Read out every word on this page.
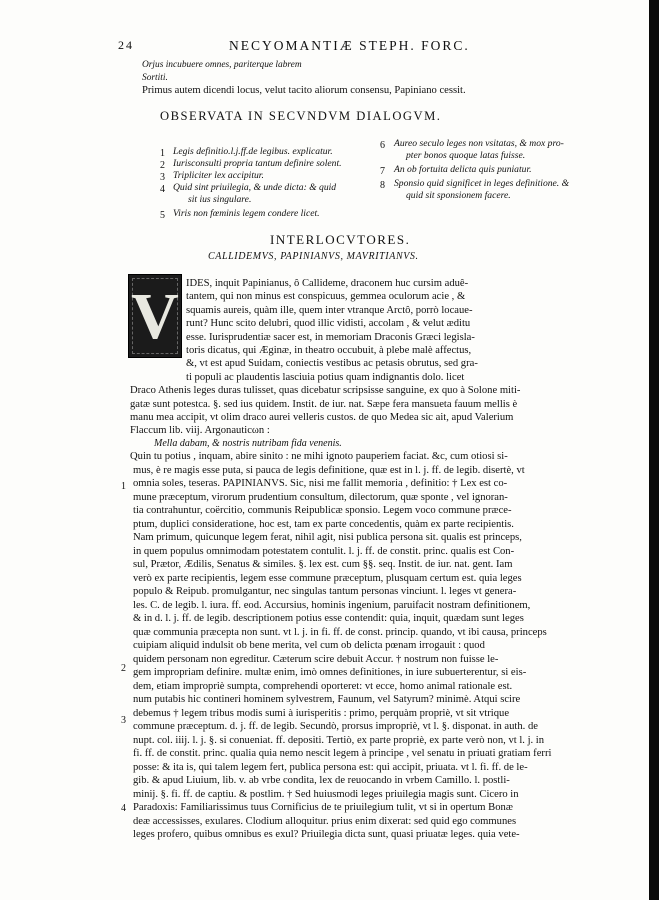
24	NECYOMANTIÆ STEPH. FORC.
Orjus incubuere omnes, pariterque labrem
Sortiti.
Primus autem dicendi locus, velut tacito aliorum consensu, Papiniano cessit.
OBSERVATA IN SECVNDVM DIALOGVM.
1 Legis definitio.l.j.ff.de legibus. explicatur.
2 Iurisconsulti propria tantum definire solent.
3 Tripliciter lex accipitur.
4 Quid sint priuilegia, & unde dicta: & quid
sit ius singulare.
5 Viris non fœminis legem condere licet.
6 Aureo seculo leges non vsitatas, & mox pro-
pter bonos quoque latas fuisse.
7 An ob fortuita delicta quis puniatur.
8 Sponsio quid significet in leges definitione. &
quid sit sponsionem facere.
INTERLOCVTORES.
CALLIDEMVS, PAPINIANVS, MAVRITIANVS.
V IDES, inquit Papinianus, ô Callideme, draconem huc cursim aduê-
tantem, qui non minus est conspicuus, gemmea oculorum acie , &
squamis aureis, quàm ille, quem inter vtranque Arctô, porrò locaue-
runt? Hunc scito delubri, quod illic vidisti, accolam , & velut æditu
esse. Iurisprudentiæ sacer est, in memoriam Draconis Græci legisla-
toris dicatus, qui Æginæ, in theatro occubuit, à plebe malè affectus,
&, vt est apud Suidam, coniectis vestibus ac petasis obrutus, sed gra-
ti populi ac plaudentis lasciuia potius quam indignantis dolo. licet
Draco Athenis leges duras tulisset, quas dicebatur scripsisse sanguine, ex quo à Solone miti-
gatæ sunt potestca. §. sed ius quidem. Instit. de iur. nat. Sæpe fera mansueta fauum mellis è
manu mea accipit, vt olim draco aurei velleris custos. de quo Medea sic ait, apud Valerium
Flaccum lib. viij. Argonauticωn :
Mella dabam, & nostris nutribam fida venenis.
Quin tu potius , inquam, abire sinito : ne mihi ignoto pauperiem faciat. &c, cum otiosi si-
mus, è re magis esse puta, si pauca de legis definitione, quæ est in l. j. ff. de legib. disertè, vt
omnia soles, teseras. PAPINIANVS. Sic, nisi me fallit memoria , definitio: † Lex est co-
mune præceptum, virorum prudentium consultum, dilectorum, quæ sponte , vel ignoran-
tia contrahuntur, coërcitio, communis Reipublicæ sponsio. Legem voco commune præce-
ptum, duplici consideratione, hoc est, tam ex parte concedentis, quàm ex parte recipientis.
Nam primum, quicunque legem ferat, nihil agit, nisi publica persona sit. qualis est princeps,
in quem populus omnimodam potestatem contulit. l. j. ff. de constit. princ. qualis est Con-
sul, Prætor, Ædilis, Senatus & similes. §. lex est. cum §§. seq. Instit. de iur. nat. gent. Iam
verò ex parte recipientis, legem esse commune præceptum, plusquam certum est. quia leges
populo & Reipub. promulgantur, nec singulas tantum personas vinciunt. l. leges vt genera-
les. C. de legib. l. iura. ff. eod. Accursius, hominis ingenium, paruifacit nostram definitionem,
& in d. l. j. ff. de legib. descriptionem potius esse contendit: quia, inquit, quædam sunt leges
quæ communia præcepta non sunt. vt l. j. in fi. ff. de const. princip. quando, vt ibi causa, princeps
cuipiam aliquid indulsit ob bene merita, vel cum ob delicta pœnam irrogauit : quod
quidem personam non egreditur. Cæterum scire debuit Accur. † nostrum non fuisse le-
gem impropriam definire. multæ enim, imò omnes definitiones, in iure subuerterentur, si eis-
dem, etiam impropriè sumpta, comprehendi oporteret: vt ecce, homo animal rationale est.
num putabis hic contineri hominem sylvestrem, Faunum, vel Satyrum? minimè. Atqui scire
debemus † legem tribus modis sumi à iurisperitis : primo, perquàm propriè, vt sit vtrique
commune præceptum. d. j. ff. de legib. Secundò, prorsus impropriè, vt l. §. disponat. in auth. de
nupt. col. iiij. l. j. §. si conueniat. ff. depositi. Tertiò, ex parte propriè, ex parte verò non, vt l. j. in
fi. ff. de constit. princ. qualia quia nemo nescit legem à principe , vel senatu in priuati gratiam ferri
posse: & ita is, qui talem legem fert, publica persona est: qui accipit, priuata. vt l. fi. ff. de le-
gib. & apud Liuium, lib. v. ab vrbe condita, lex de reuocando in vrbem Camillo. l. postli-
minij. §. fi. ff. de captiu. & postlim. † Sed huiusmodi leges priuilegia magis sunt. Cicero in
Paradoxis: Familiarissimus tuus Cornificius de te priuilegium tulit, vt si in opertum Bonæ
deæ accessisses, exulares. Clodium alloquitur. prius enim dixerat: sed quid ego communes
leges profero, quibus omnibus es exul? Priuilegia dicta sunt, quasi priuatæ leges. quia vete-
1
2
3
4
